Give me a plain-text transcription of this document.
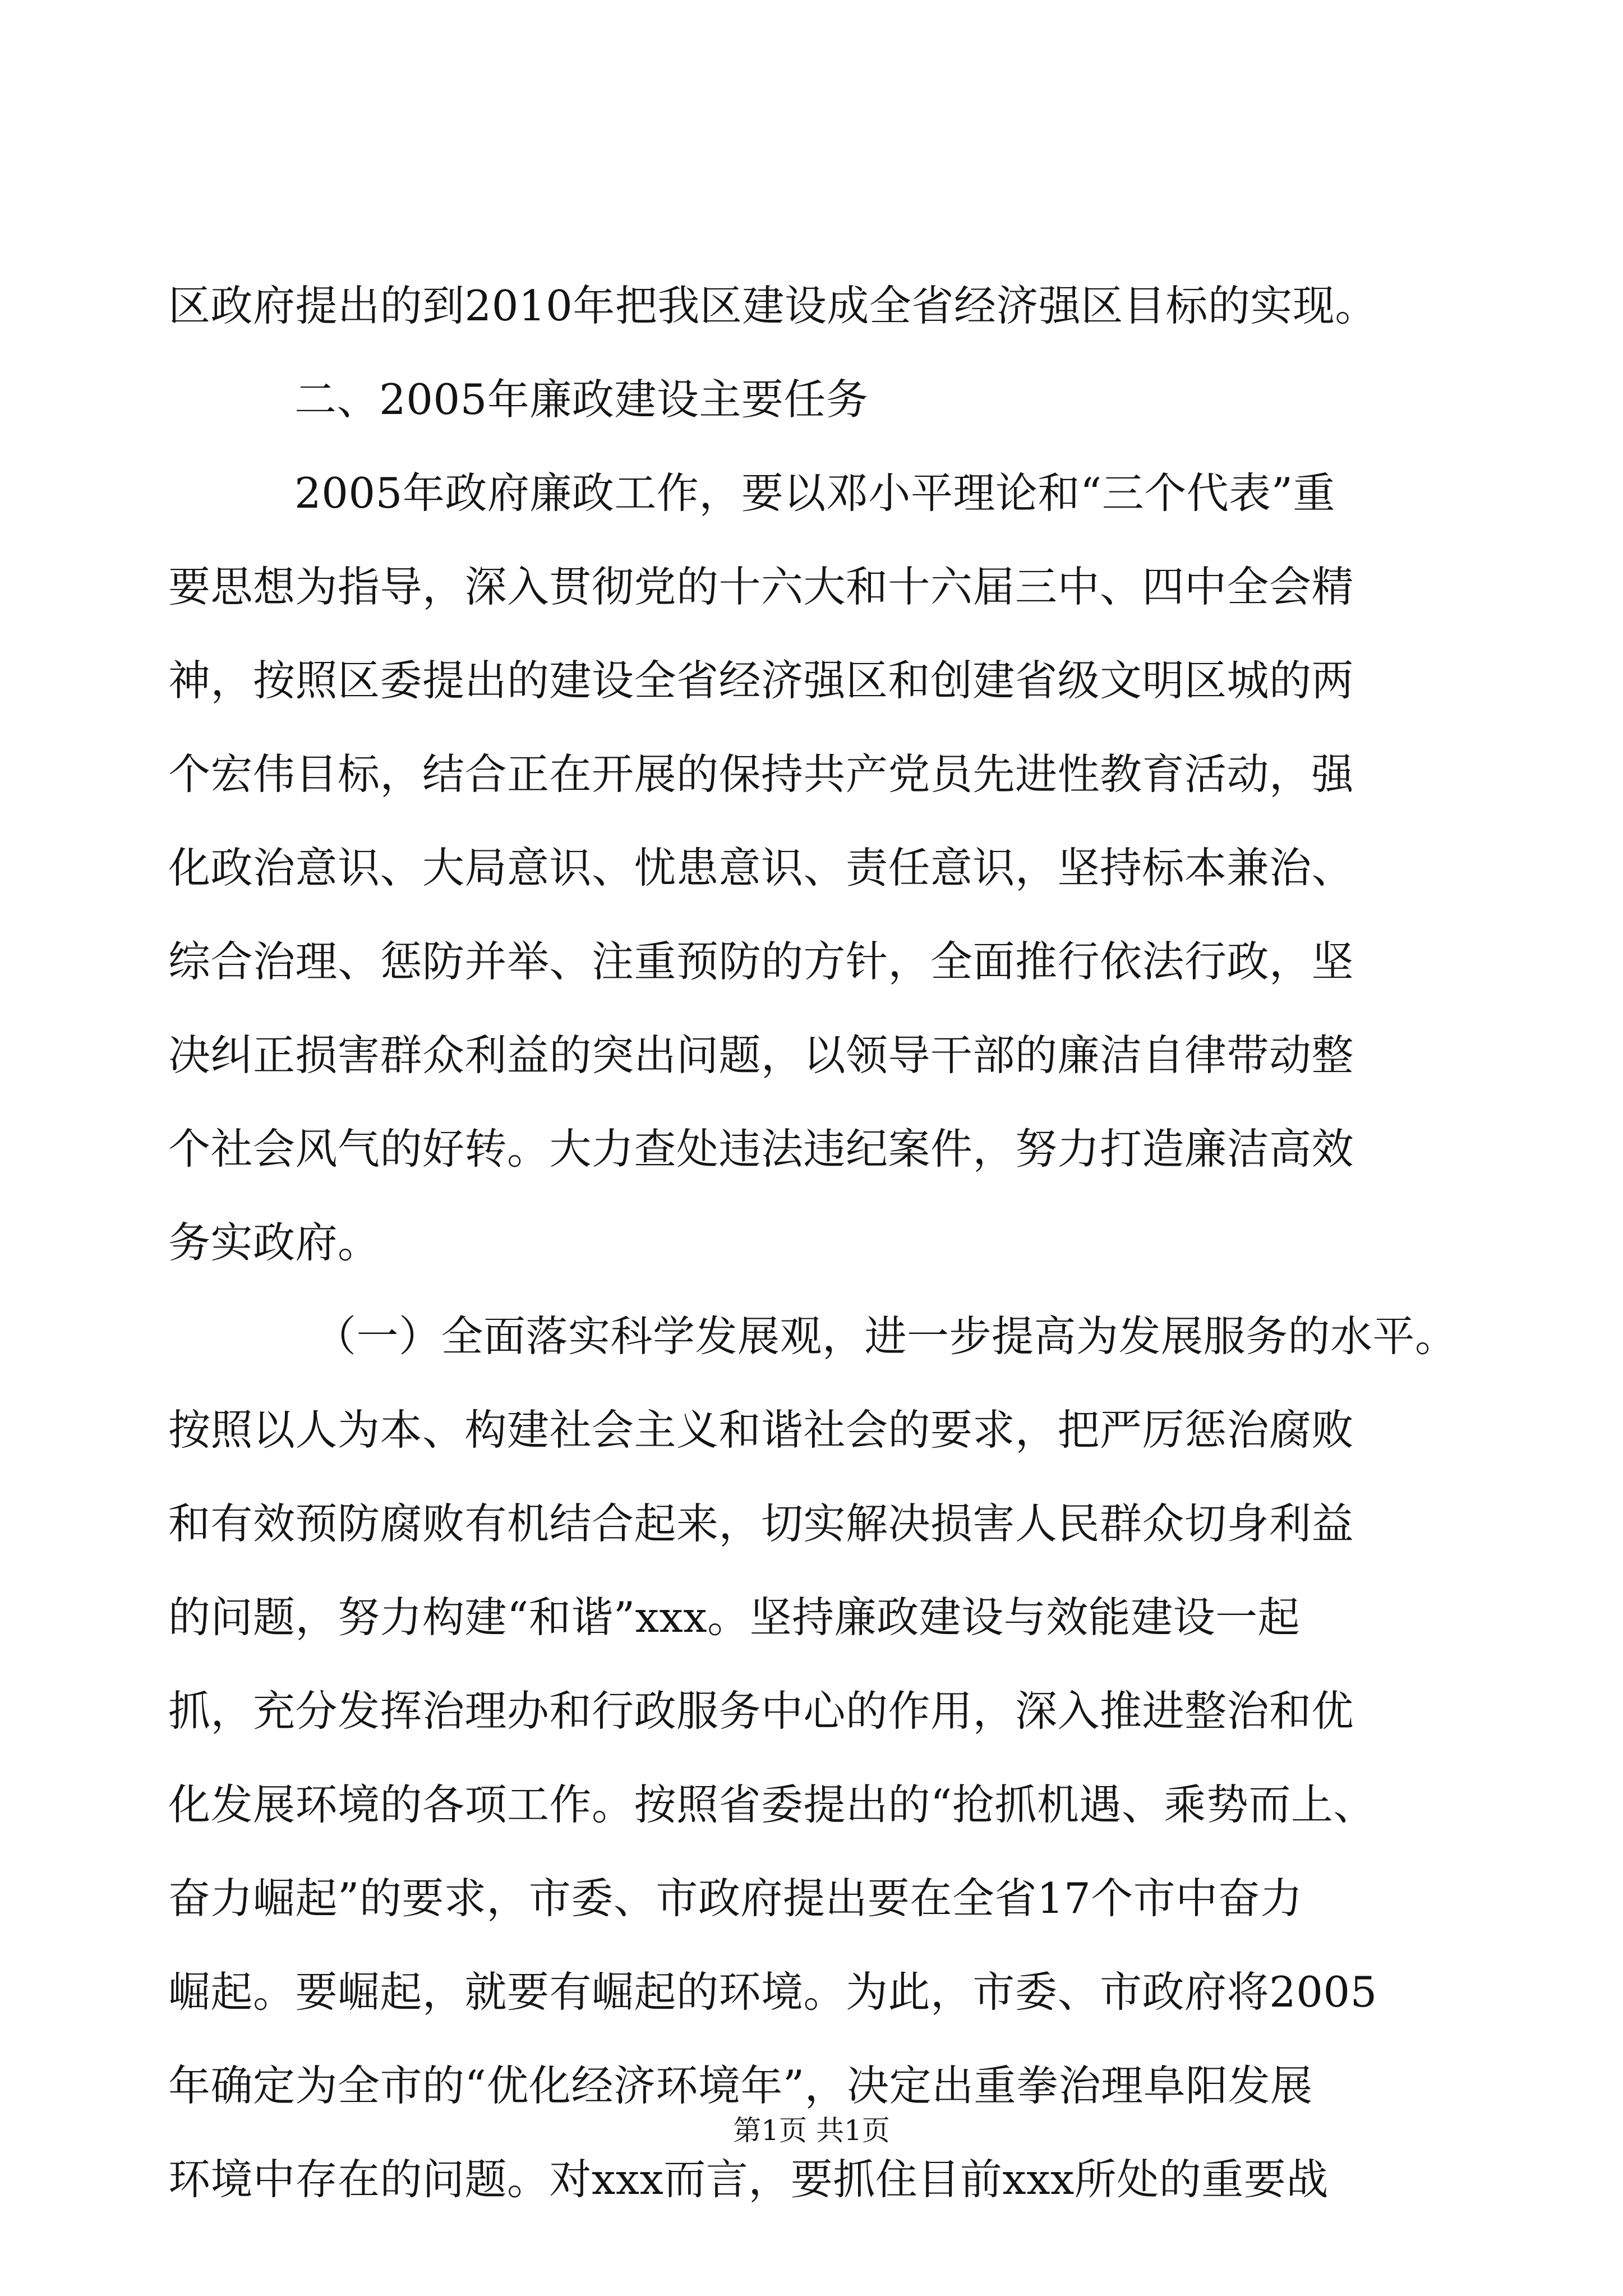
区政府提出的到2010年把我区建设成全省经济强区目标的实现。
二、2005年廉政建设主要任务
2005年政府廉政工作，要以邓小平理论和“三个代表”重
要思想为指导，深入贯彻党的十六大和十六届三中、四中全会精
神，按照区委提出的建设全省经济强区和创建省级文明区城的两
个宏伟目标，结合正在开展的保持共产党员先进性教育活动，强
化政治意识、大局意识、忧患意识、责任意识，坚持标本兼治、
综合治理、惩防并举、注重预防的方针，全面推行依法行政，坚
决纠正损害群众利益的突出问题，以领导干部的廉洁自律带动整
个社会风气的好转。大力查处违法违纪案件，努力打造廉洁高效
务实政府。
（一）全面落实科学发展观，进一步提高为发展服务的水平。
按照以人为本、构建社会主义和谐社会的要求，把严厉惩治腐败
和有效预防腐败有机结合起来，切实解决损害人民群众切身利益
的问题，努力构建“和谐”xxx。坚持廉政建设与效能建设一起
抓，充分发挥治理办和行政服务中心的作用，深入推进整治和优
化发展环境的各项工作。按照省委提出的“抢抓机遇、乘势而上、
奋力崛起”的要求，市委、市政府提出要在全省17个市中奋力
崛起。要崛起，就要有崛起的环境。为此，市委、市政府将2005
年确定为全市的“优化经济环境年”，决定出重拳治理阜阳发展
环境中存在的问题。对xxx而言，要抓住目前xxx所处的重要战
第1页 共1页
